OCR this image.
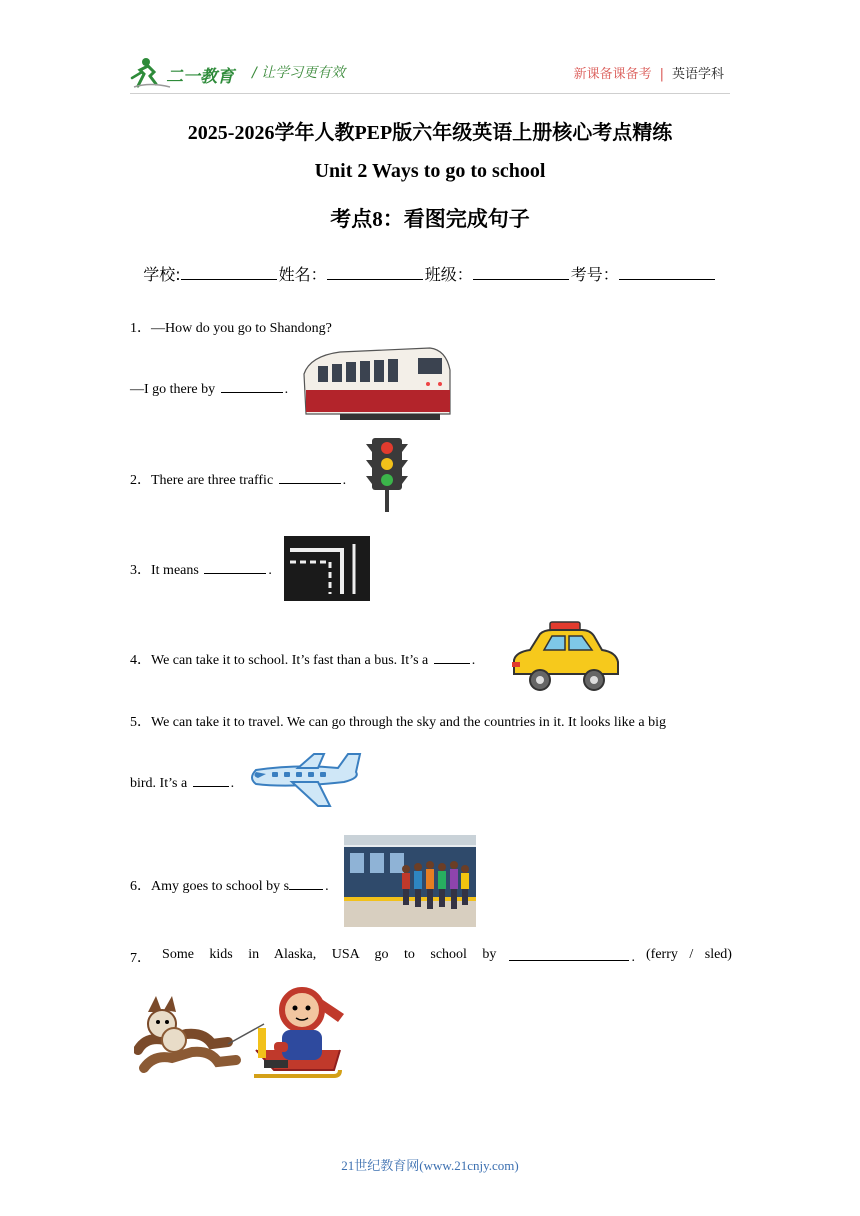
二一教育 / 让学习更有效	新课备课备考 | 英语学科
2025-2026学年人教PEP版六年级英语上册核心考点精练
Unit 2 Ways to go to school
考点8：看图完成句子
学校:	姓名：	班级：	考号：
1．—How do you go to Shandong?
—I go there by	.
2．There are three traffic	.
3．It means	.
4．We can take it to school. It’s fast than a bus. It’s a	.
5．We can take it to travel. We can go through the sky and the countries in it. It looks like a big
bird. It’s a	.
6．Amy goes to school by s	.
7． Some kids in Alaska, USA go to school by	. (ferry / sled)
21世纪教育网(www.21cnjy.com)
